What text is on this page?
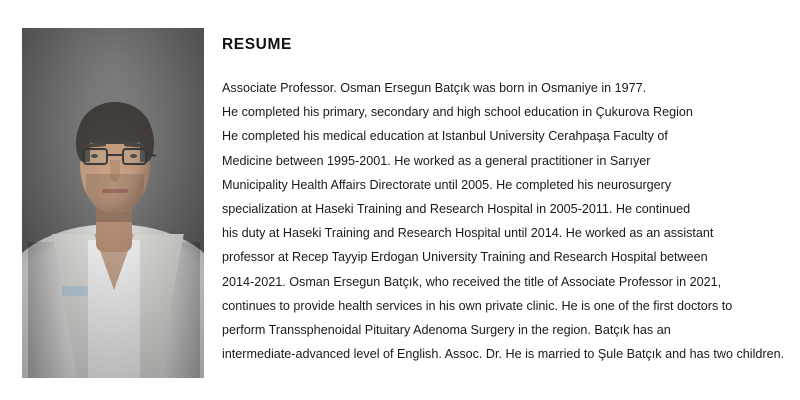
RESUME
Associate Professor. Osman Ersegun Batçık was born in Osmaniye in 1977.
He completed his primary, secondary and high school education in Çukurova Region
He completed his medical education at Istanbul University Cerahpaşa Faculty of
Medicine between 1995-2001. He worked as a general practitioner in Sarıyer
Municipality Health Affairs Directorate until 2005. He completed his neurosurgery
specialization at Haseki Training and Research Hospital in 2005-2011. He continued
his duty at Haseki Training and Research Hospital until 2014. He worked as an assistant
professor at Recep Tayyip Erdogan University Training and Research Hospital between
2014-2021. Osman Ersegun Batçık, who received the title of Associate Professor in 2021,
continues to provide health services in his own private clinic. He is one of the first doctors to
perform Transsphenoidal Pituitary Adenoma Surgery in the region. Batçık has an
intermediate-advanced level of English. Assoc. Dr. He is married to Şule Batçık and has two children.
